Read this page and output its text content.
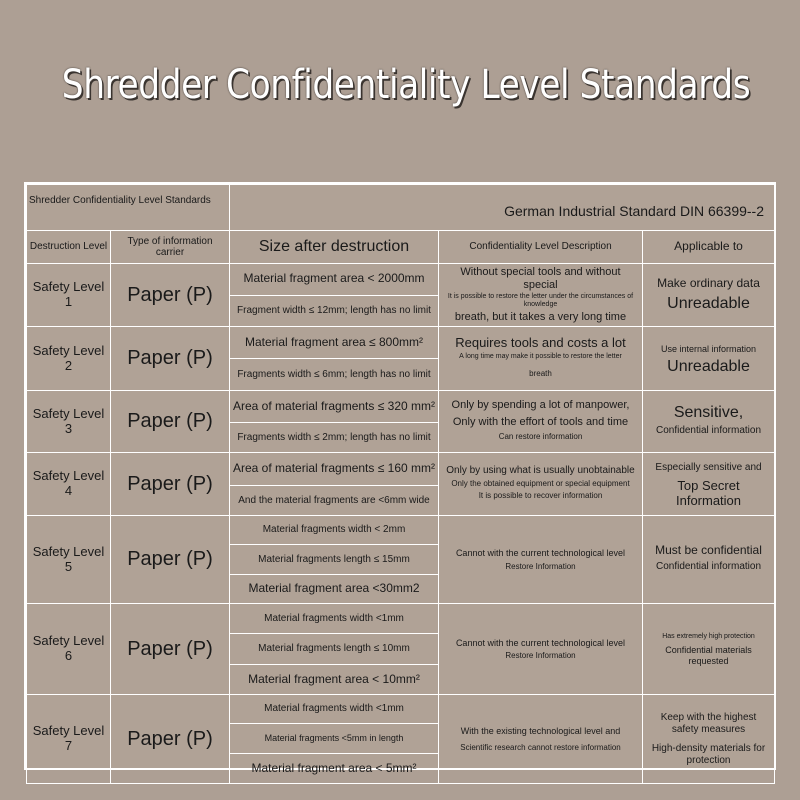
Shredder Confidentiality Level Standards
Shredder Confidentiality Level Standards		German Industrial Standard DIN 66399--2		
Destruction Level	Type of information carrier	Size after destruction	Confidentiality Level Description	Applicable to
Safety Level 1	Paper (P)	Material fragment area < 2000mm	Without special tools and without special
It is possible to restore the letter under the circumstances of knowledge
breath, but it takes a very long time	Make ordinary data
Unreadable

		Fragment width ≤ 12mm; length has no limit		
Safety Level 2	Paper (P)	Material fragment area ≤ 800mm²	Requires tools and costs a lot
A long time may make it possible to restore the letter
breath	Use internal information
Unreadable

		Fragments width ≤ 6mm; length has no limit		
Safety Level 3	Paper (P)	Area of material fragments ≤ 320 mm²	Only by spending a lot of manpower,
Only with the effort of tools and time
Can restore information	Sensitive,
Confidential information

		Fragments width ≤ 2mm; length has no limit		
Safety Level 4	Paper (P)	Area of material fragments ≤ 160 mm²	Only by using what is usually unobtainable
Only the obtained equipment or special equipment
It is possible to recover information	Especially sensitive and
Top Secret Information

		And the material fragments are <6mm wide		
Safety Level 5	Paper (P)	Material fragments width < 2mm	Cannot with the current technological level
Restore Information	Must be confidential
Confidential information

		Material fragments length ≤ 15mm		
		Material fragment area <30mm2		
Safety Level 6	Paper (P)	Material fragments width <1mm	Cannot with the current technological level
Restore Information	Has extremely high protection
Confidential materials requested

		Material fragments length ≤ 10mm		
		Material fragment area < 10mm²		
Safety Level 7	Paper (P)	Material fragments width <1mm	With the existing technological level and
Scientific research cannot restore information	Keep with the highest safety measures
High-density materials for protection

		Material fragments <5mm in length		
		Material fragment area < 5mm²		
